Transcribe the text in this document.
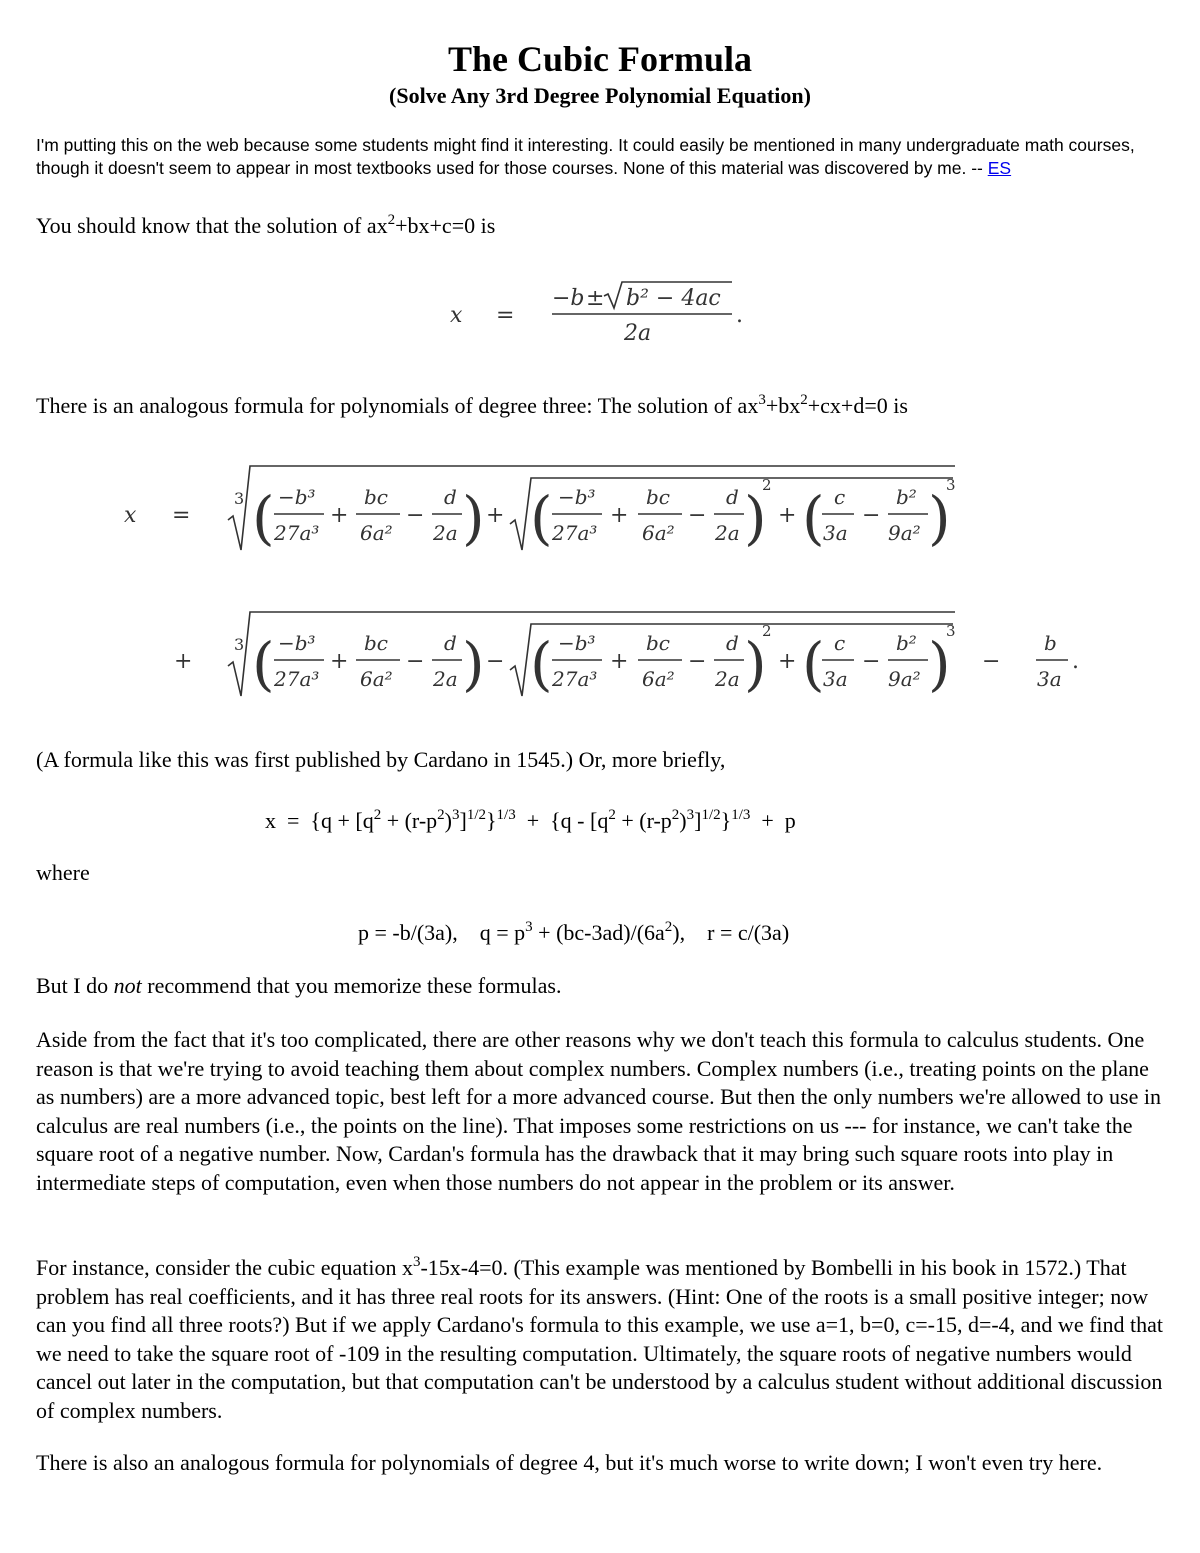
The Cubic Formula
(Solve Any 3rd Degree Polynomial Equation)
I'm putting this on the web because some students might find it interesting. It could easily be mentioned in many undergraduate math courses, though it doesn't seem to appear in most textbooks used for those courses. None of this material was discovered by me. -- ES
You should know that the solution of $ax^2+bx+c=0$ is
x =
−b ± b² − 4ac
2a
.
There is an analogous formula for polynomials of degree three: The solution of $ax^3+bx^2+cx+d=0$ is
x =
3 ( −b³
27a³
+
bc
6a²
−
d
2a ) + ( −b³
27a³
+
bc
6a²
−
d
2a )
2
+ ( c
3a
−
b²
9a² )
3
+
3 ( −b³
27a³
+
bc
6a²
−
d
2a ) − ( −b³
27a³
+
bc
6a²
−
d
2a )
2
+ ( c
3a
−
b²
9a² )
3
−
b
3a
.
(A formula like this was first published by Cardano in 1545.) Or, more briefly,
$x = \{q + [q^2 + (r-p^2)^3]^{1/2}\}^{1/3} + \{q - [q^2 + (r-p^2)^3]^{1/2}\}^{1/3} + p$
where
p = -b/(3a),    $q = p^3 + (bc-3ad)/(6a^2)$,    r = c/(3a)
But I do not recommend that you memorize these formulas.
Aside from the fact that it's too complicated, there are other reasons why we don't teach this formula to calculus students. One reason is that we're trying to avoid teaching them about complex numbers. Complex numbers (i.e., treating points on the plane as numbers) are a more advanced topic, best left for a more advanced course. But then the only numbers we're allowed to use in calculus are real numbers (i.e., the points on the line). That imposes some restrictions on us --- for instance, we can't take the square root of a negative number. Now, Cardan's formula has the drawback that it may bring such square roots into play in intermediate steps of computation, even when those numbers do not appear in the problem or its answer.
For instance, consider the cubic equation $x^3-15x-4=0$. (This example was mentioned by Bombelli in his book in 1572.) That problem has real coefficients, and it has three real roots for its answers. (Hint: One of the roots is a small positive integer; now can you find all three roots?) But if we apply Cardano's formula to this example, we use a=1, b=0, c=-15, d=-4, and we find that we need to take the square root of -109 in the resulting computation. Ultimately, the square roots of negative numbers would cancel out later in the computation, but that computation can't be understood by a calculus student without additional discussion of complex numbers.
There is also an analogous formula for polynomials of degree 4, but it's much worse to write down; I won't even try here.
